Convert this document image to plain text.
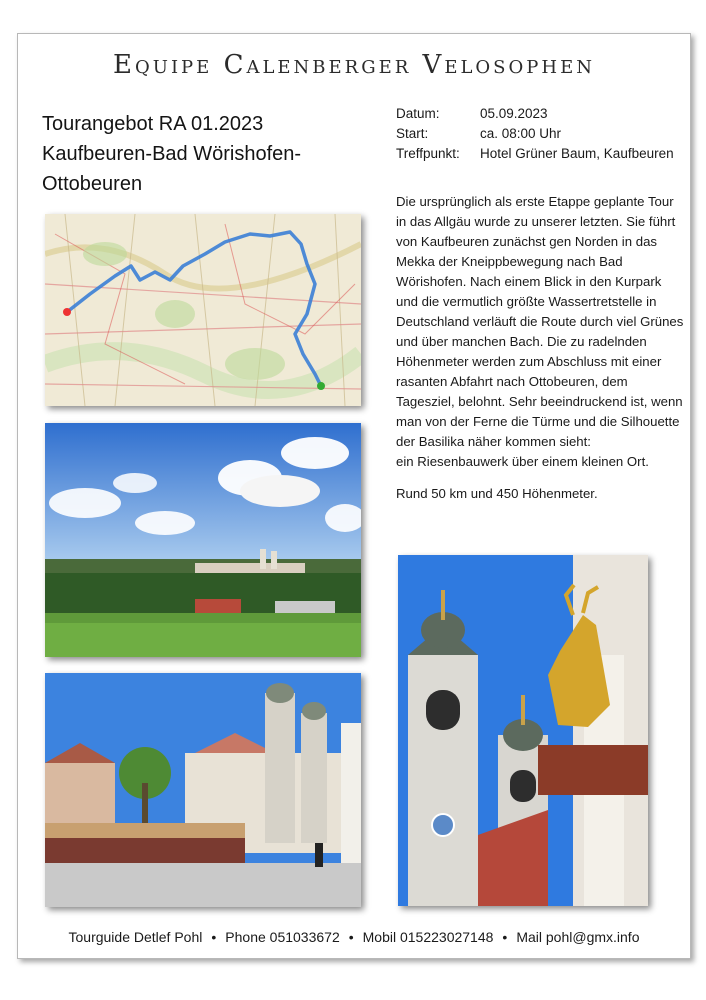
Equipe Calenberger Velosophen
Tourangebot RA 01.2023
Kaufbeuren-Bad Wörishofen-
Ottobeuren
Datum:	05.09.2023
Start:	ca. 08:00 Uhr
Treffpunkt:	Hotel Grüner Baum, Kaufbeuren

Die ursprünglich als erste Etappe geplante Tour in das Allgäu wurde zu unserer letzten. Sie führt von Kaufbeuren zunächst gen Norden in das Mekka der Kneippbewegung nach Bad Wörishofen. Nach einem Blick in den Kurpark und die vermutlich größte Wassertretstelle in Deutschland verläuft die Route durch viel Grünes und über manchen Bach. Die zu radelnden Höhenmeter werden zum Abschluss mit einer rasanten Abfahrt nach Ottobeuren, dem Tagesziel, belohnt. Sehr beeindruckend ist, wenn man von der Ferne die Türme und die Silhouette der Basilika näher kommen sieht:
ein Riesenbauwerk über einem kleinen Ort.

Rund 50 km und 450 Höhenmeter.

Tourguide Detlef Pohl • Phone 051033672 • Mobil 015223027148 • Mail pohl@gmx.info
